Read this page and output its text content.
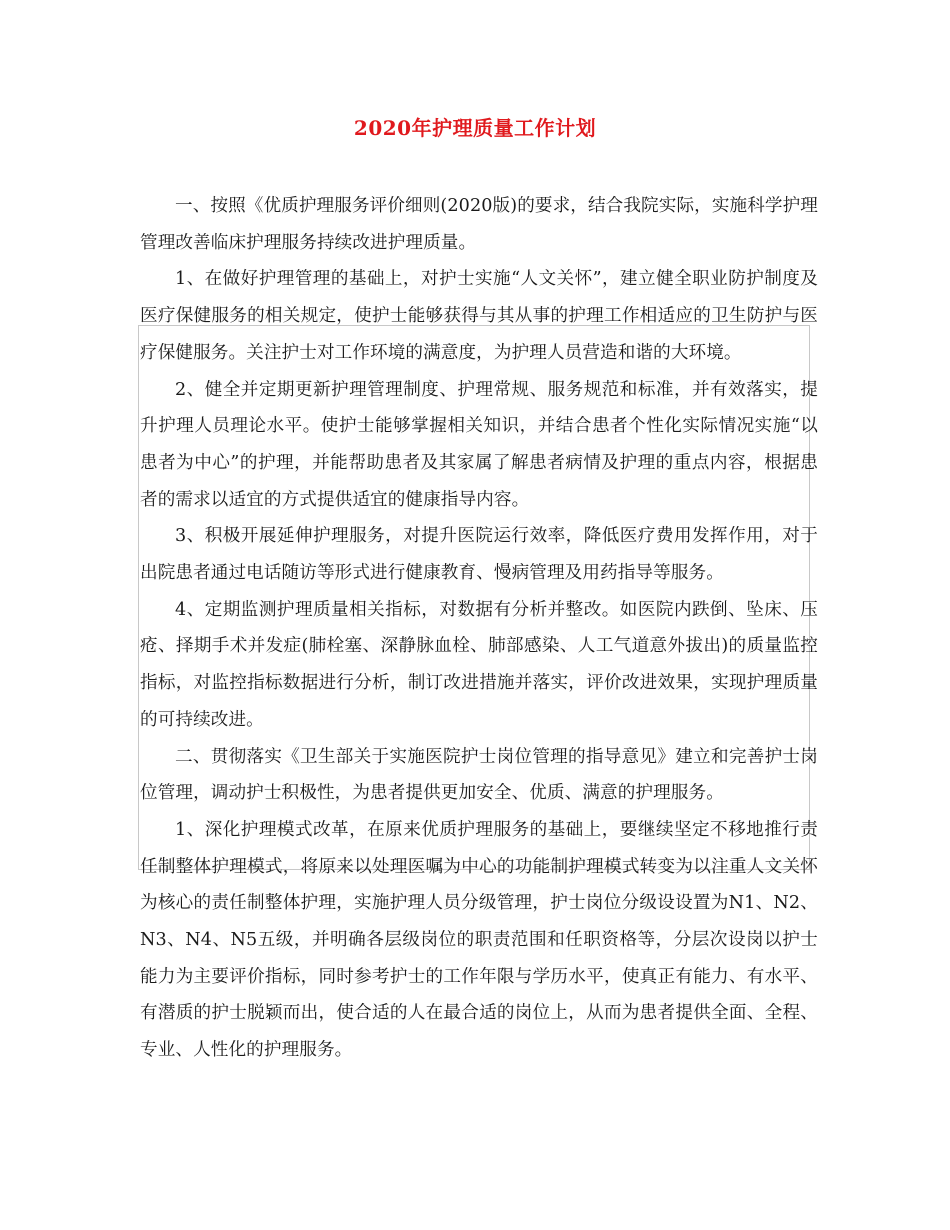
2020年护理质量工作计划

一、按照《优质护理服务评价细则(2020版)的要求，结合我院实际，实施科学护理管理改善临床护理服务持续改进护理质量。

1、在做好护理管理的基础上，对护士实施“人文关怀”，建立健全职业防护制度及医疗保健服务的相关规定，使护士能够获得与其从事的护理工作相适应的卫生防护与医疗保健服务。关注护士对工作环境的满意度，为护理人员营造和谐的大环境。

2、健全并定期更新护理管理制度、护理常规、服务规范和标准，并有效落实，提升护理人员理论水平。使护士能够掌握相关知识，并结合患者个性化实际情况实施“以患者为中心”的护理，并能帮助患者及其家属了解患者病情及护理的重点内容，根据患者的需求以适宜的方式提供适宜的健康指导内容。

3、积极开展延伸护理服务，对提升医院运行效率，降低医疗费用发挥作用，对于出院患者通过电话随访等形式进行健康教育、慢病管理及用药指导等服务。

4、定期监测护理质量相关指标，对数据有分析并整改。如医院内跌倒、坠床、压疮、择期手术并发症(肺栓塞、深静脉血栓、肺部感染、人工气道意外拔出)的质量监控指标，对监控指标数据进行分析，制订改进措施并落实，评价改进效果，实现护理质量的可持续改进。

二、贯彻落实《卫生部关于实施医院护士岗位管理的指导意见》建立和完善护士岗位管理，调动护士积极性，为患者提供更加安全、优质、满意的护理服务。

1、深化护理模式改革，在原来优质护理服务的基础上，要继续坚定不移地推行责任制整体护理模式，将原来以处理医嘱为中心的功能制护理模式转变为以注重人文关怀为核心的责任制整体护理，实施护理人员分级管理，护士岗位分级设设置为N1、N2、N3、N4、N5五级，并明确各层级岗位的职责范围和任职资格等，分层次设岗以护士能力为主要评价指标，同时参考护士的工作年限与学历水平，使真正有能力、有水平、有潜质的护士脱颖而出，使合适的人在最合适的岗位上，从而为患者提供全面、全程、专业、人性化的护理服务。
